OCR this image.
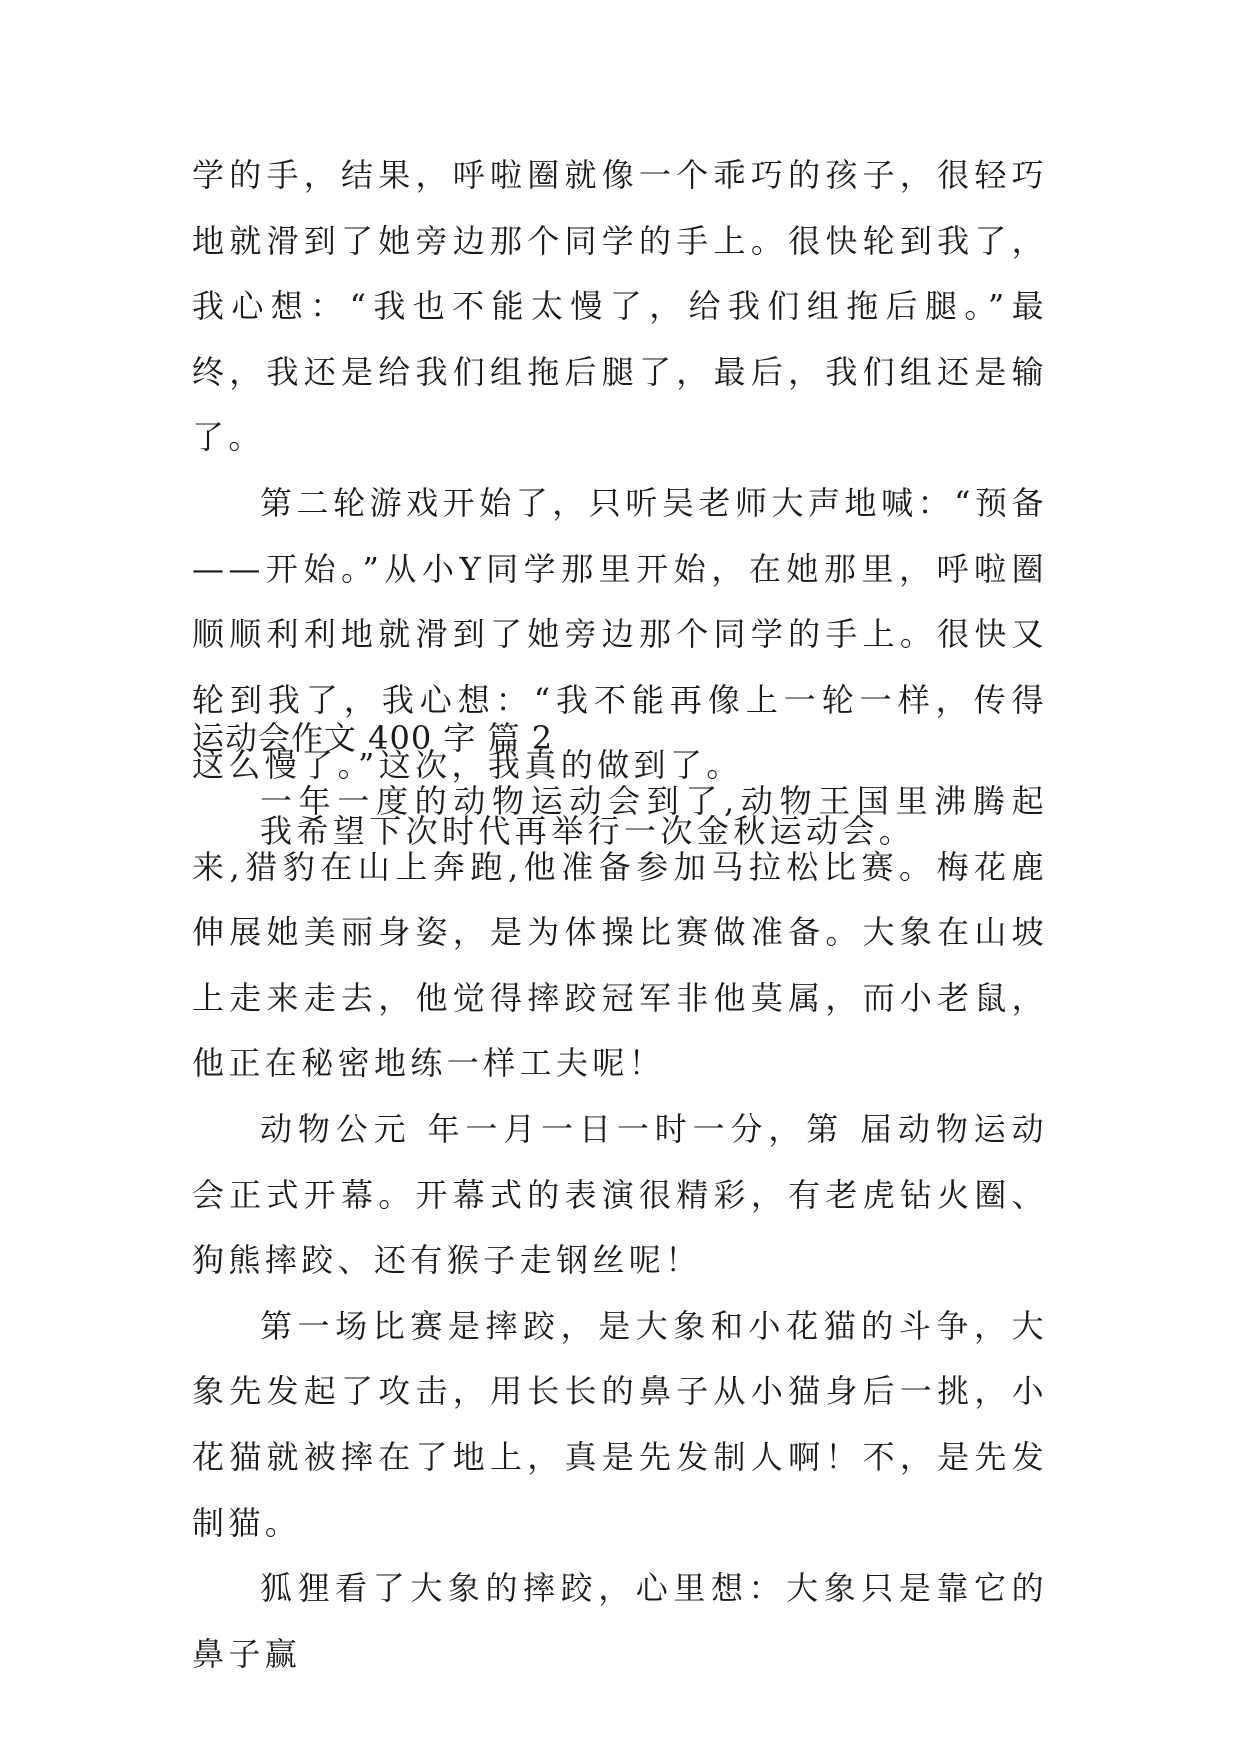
学的手，结果，呼啦圈就像一个乖巧的孩子，很轻巧地就滑到了她旁边那个同学的手上。很快轮到我了，我心想：“我也不能太慢了，给我们组拖后腿。”最终，我还是给我们组拖后腿了，最后，我们组还是输了。

第二轮游戏开始了，只听吴老师大声地喊：“预备——开始。”从小Y同学那里开始，在她那里，呼啦圈顺顺利利地就滑到了她旁边那个同学的手上。很快又轮到我了，我心想：“我不能再像上一轮一样，传得这么慢了。”这次，我真的做到了。

我希望下次时代再举行一次金秋运动会。

运动会作文 400 字 篇 2

一年一度的动物运动会到了,动物王国里沸腾起来,猎豹在山上奔跑,他准备参加马拉松比赛。梅花鹿伸展她美丽身姿，是为体操比赛做准备。大象在山坡上走来走去，他觉得摔跤冠军非他莫属，而小老鼠，他正在秘密地练一样工夫呢！

动物公元 年一月一日一时一分，第 届动物运动会正式开幕。开幕式的表演很精彩，有老虎钻火圈、狗熊摔跤、还有猴子走钢丝呢！

第一场比赛是摔跤，是大象和小花猫的斗争，大象先发起了攻击，用长长的鼻子从小猫身后一挑，小花猫就被摔在了地上，真是先发制人啊！不，是先发制猫。

狐狸看了大象的摔跤，心里想：大象只是靠它的鼻子赢
